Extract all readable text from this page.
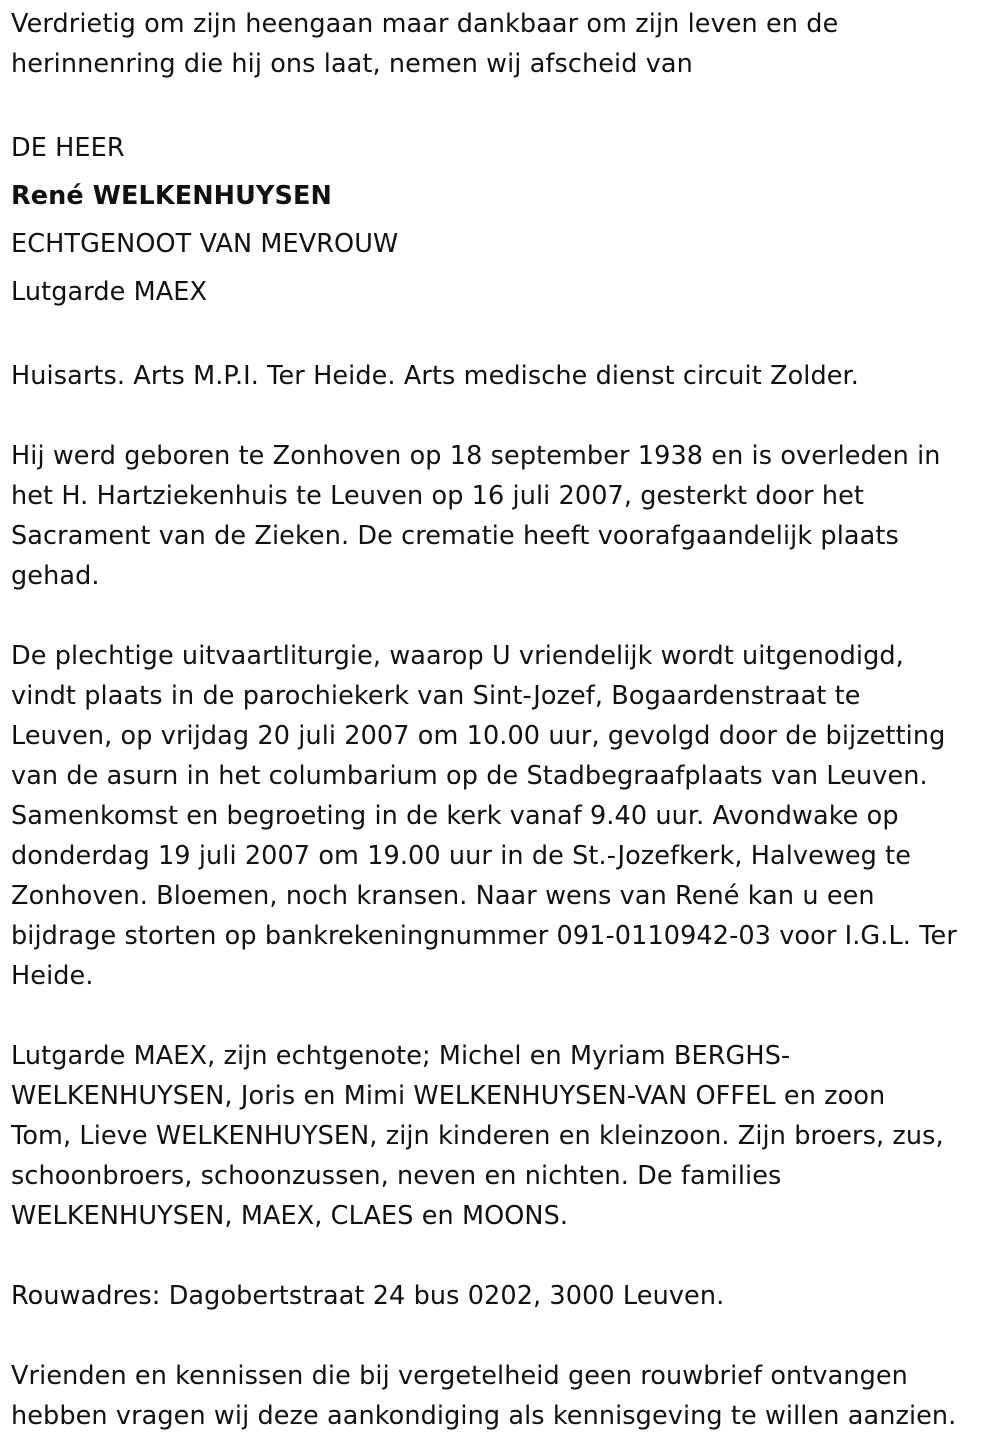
Verdrietig om zijn heengaan maar dankbaar om zijn leven en de
herinnenring die hij ons laat, nemen wij afscheid van
DE HEER
René WELKENHUYSEN
ECHTGENOOT VAN MEVROUW
Lutgarde MAEX
Huisarts. Arts M.P.I. Ter Heide. Arts medische dienst circuit Zolder.
Hij werd geboren te Zonhoven op 18 september 1938 en is overleden in
het H. Hartziekenhuis te Leuven op 16 juli 2007, gesterkt door het
Sacrament van de Zieken. De crematie heeft voorafgaandelijk plaats
gehad.
De plechtige uitvaartliturgie, waarop U vriendelijk wordt uitgenodigd,
vindt plaats in de parochiekerk van Sint-Jozef, Bogaardenstraat te
Leuven, op vrijdag 20 juli 2007 om 10.00 uur, gevolgd door de bijzetting
van de asurn in het columbarium op de Stadbegraafplaats van Leuven.
Samenkomst en begroeting in de kerk vanaf 9.40 uur. Avondwake op
donderdag 19 juli 2007 om 19.00 uur in de St.-Jozefkerk, Halveweg te
Zonhoven. Bloemen, noch kransen. Naar wens van René kan u een
bijdrage storten op bankrekeningnummer 091-0110942-03 voor I.G.L. Ter
Heide.
Lutgarde MAEX, zijn echtgenote; Michel en Myriam BERGHS-
WELKENHUYSEN, Joris en Mimi WELKENHUYSEN-VAN OFFEL en zoon
Tom, Lieve WELKENHUYSEN, zijn kinderen en kleinzoon. Zijn broers, zus,
schoonbroers, schoonzussen, neven en nichten. De families
WELKENHUYSEN, MAEX, CLAES en MOONS.
Rouwadres: Dagobertstraat 24 bus 0202, 3000 Leuven.
Vrienden en kennissen die bij vergetelheid geen rouwbrief ontvangen
hebben vragen wij deze aankondiging als kennisgeving te willen aanzien.
